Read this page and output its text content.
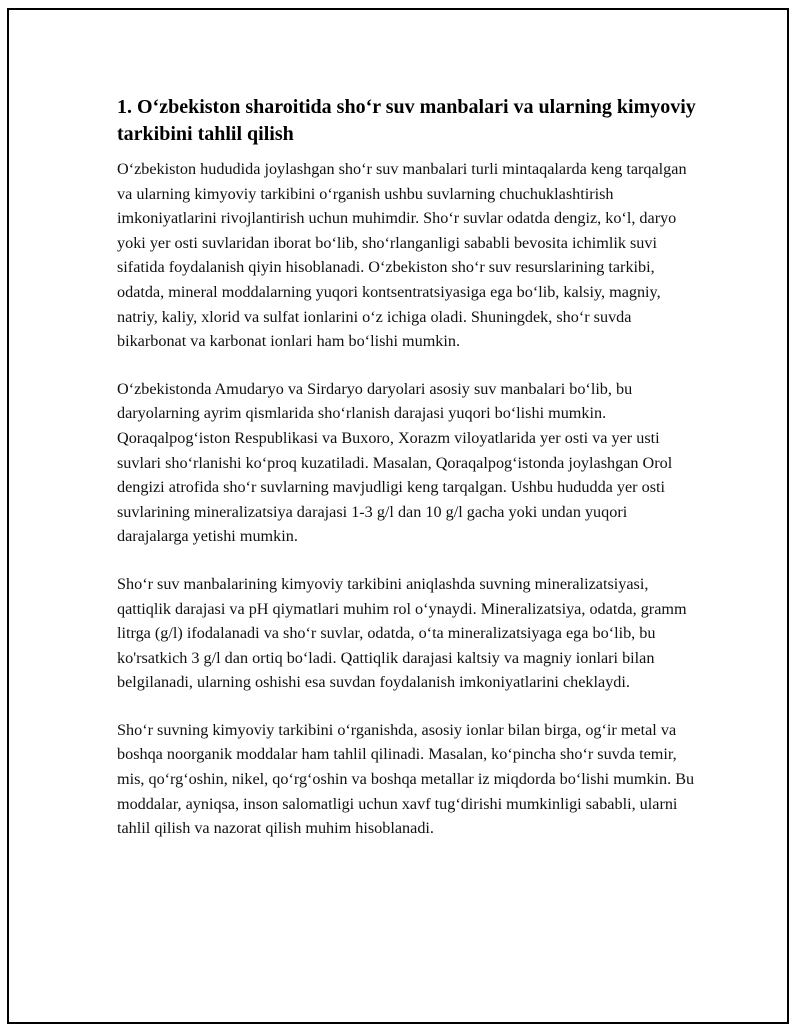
1. O‘zbekiston sharoitida sho‘r suv manbalari va ularning kimyoviy tarkibini tahlil qilish

O‘zbekiston hududida joylashgan sho‘r suv manbalari turli mintaqalarda keng tarqalgan va ularning kimyoviy tarkibini o‘rganish ushbu suvlarning chuchuklashtirish imkoniyatlarini rivojlantirish uchun muhimdir. Sho‘r suvlar odatda dengiz, ko‘l, daryo yoki yer osti suvlaridan iborat bo‘lib, sho‘rlanganligi sababli bevosita ichimlik suvi sifatida foydalanish qiyin hisoblanadi. O‘zbekiston sho‘r suv resurslarining tarkibi, odatda, mineral moddalarning yuqori kontsentratsiyasiga ega bo‘lib, kalsiy, magniy, natriy, kaliy, xlorid va sulfat ionlarini o‘z ichiga oladi. Shuningdek, sho‘r suvda bikarbonat va karbonat ionlari ham bo‘lishi mumkin.

O‘zbekistonda Amudaryo va Sirdaryo daryolari asosiy suv manbalari bo‘lib, bu daryolarning ayrim qismlarida sho‘rlanish darajasi yuqori bo‘lishi mumkin. Qoraqalpog‘iston Respublikasi va Buxoro, Xorazm viloyatlarida yer osti va yer usti suvlari sho‘rlanishi ko‘proq kuzatiladi. Masalan, Qoraqalpog‘istonda joylashgan Orol dengizi atrofida sho‘r suvlarning mavjudligi keng tarqalgan. Ushbu hududda yer osti suvlarining mineralizatsiya darajasi 1-3 g/l dan 10 g/l gacha yoki undan yuqori darajalarga yetishi mumkin.

Sho‘r suv manbalarining kimyoviy tarkibini aniqlashda suvning mineralizatsiyasi, qattiqlik darajasi va pH qiymatlari muhim rol o‘ynaydi. Mineralizatsiya, odatda, gramm litrga (g/l) ifodalanadi va sho‘r suvlar, odatda, o‘ta mineralizatsiyaga ega bo‘lib, bu ko'rsatkich 3 g/l dan ortiq bo‘ladi. Qattiqlik darajasi kaltsiy va magniy ionlari bilan belgilanadi, ularning oshishi esa suvdan foydalanish imkoniyatlarini cheklaydi.

Sho‘r suvning kimyoviy tarkibini o‘rganishda, asosiy ionlar bilan birga, og‘ir metal va boshqa noorganik moddalar ham tahlil qilinadi. Masalan, ko‘pincha sho‘r suvda temir, mis, qo‘rg‘oshin, nikel, qo‘rg‘oshin va boshqa metallar iz miqdorda bo‘lishi mumkin. Bu moddalar, ayniqsa, inson salomatligi uchun xavf tug‘dirishi mumkinligi sababli, ularni tahlil qilish va nazorat qilish muhim hisoblanadi.
